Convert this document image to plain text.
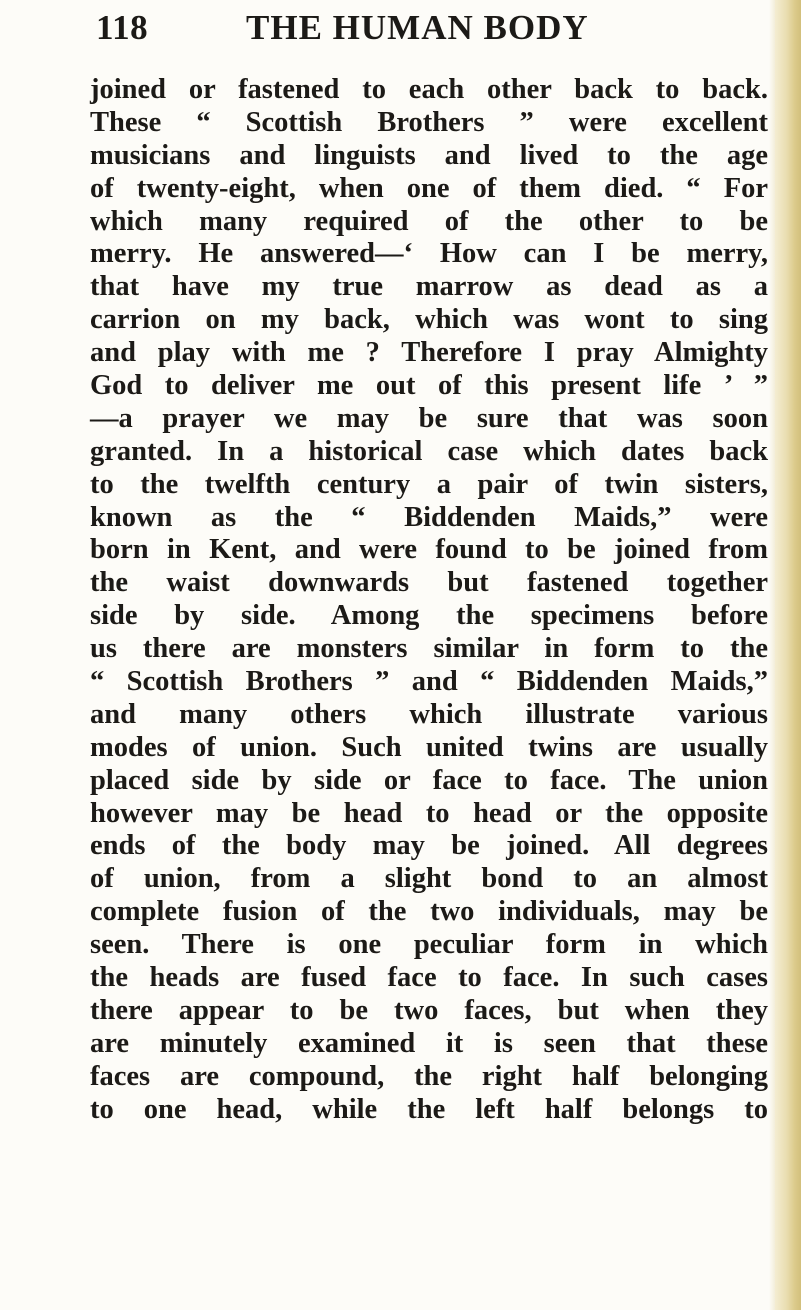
118	THE HUMAN BODY
joined or fastened to each other back to back.
These “ Scottish Brothers ” were excellent
musicians and linguists and lived to the age
of twenty-eight, when one of them died. “ For
which many required of the other to be
merry. He answered—‘ How can I be merry,
that have my true marrow as dead as a
carrion on my back, which was wont to sing
and play with me ? Therefore I pray Almighty
God to deliver me out of this present life ’ ”
—a prayer we may be sure that was soon
granted. In a historical case which dates back
to the twelfth century a pair of twin sisters,
known as the “ Biddenden Maids,” were
born in Kent, and were found to be joined from
the waist downwards but fastened together
side by side. Among the specimens before
us there are monsters similar in form to the
“ Scottish Brothers ” and “ Biddenden Maids,”
and many others which illustrate various
modes of union. Such united twins are usually
placed side by side or face to face. The union
however may be head to head or the opposite
ends of the body may be joined. All degrees
of union, from a slight bond to an almost
complete fusion of the two individuals, may be
seen. There is one peculiar form in which
the heads are fused face to face. In such cases
there appear to be two faces, but when they
are minutely examined it is seen that these
faces are compound, the right half belonging
to one head, while the left half belongs to
